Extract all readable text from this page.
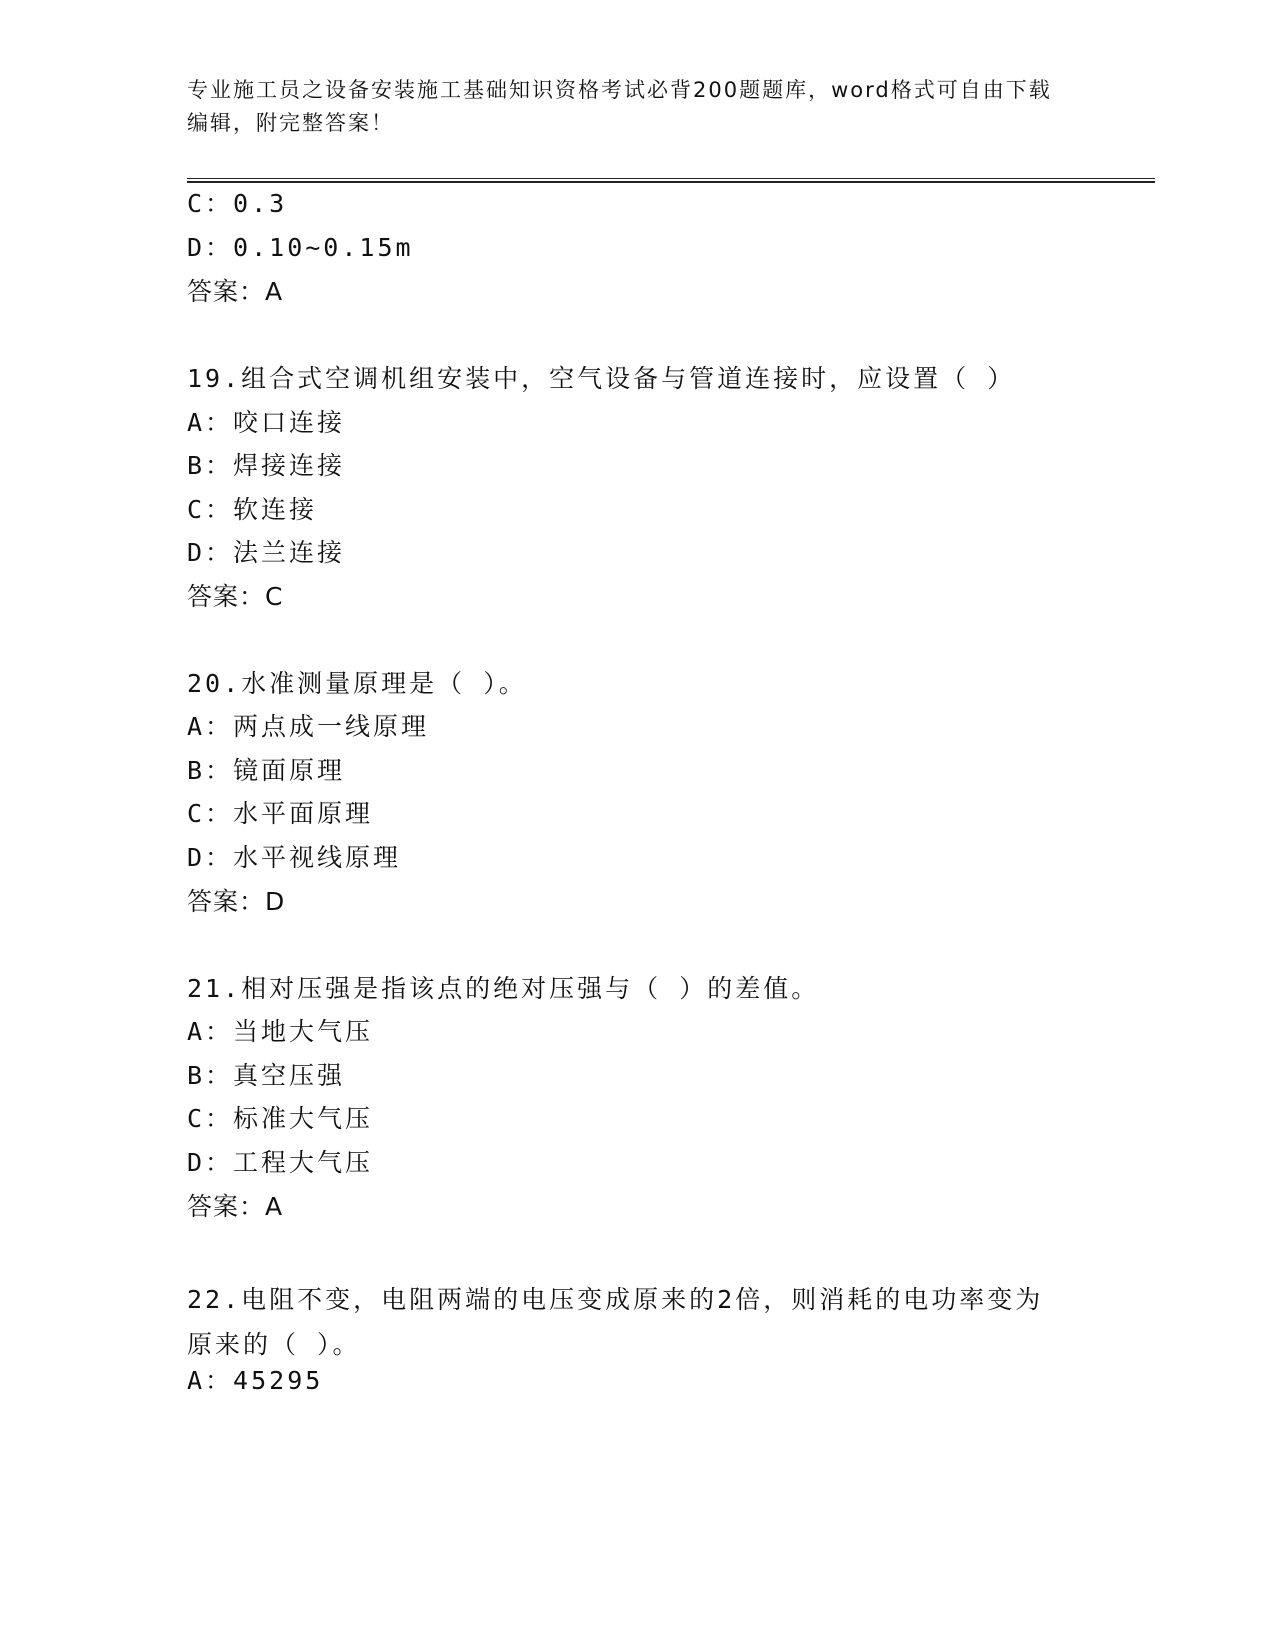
专业施工员之设备安装施工基础知识资格考试必背200题题库，word格式可自由下载编辑，附完整答案！
C：0.3
D：0.10~0.15m
答案：A
19.组合式空调机组安装中，空气设备与管道连接时，应设置（ ）
A：咬口连接
B：焊接连接
C：软连接
D：法兰连接
答案：C
20.水准测量原理是（ ）。
A：两点成一线原理
B：镜面原理
C：水平面原理
D：水平视线原理
答案：D
21.相对压强是指该点的绝对压强与（ ）的差值。
A：当地大气压
B：真空压强
C：标准大气压
D：工程大气压
答案：A
22.电阻不变，电阻两端的电压变成原来的2倍，则消耗的电功率变为原来的（ ）。
A：45295
